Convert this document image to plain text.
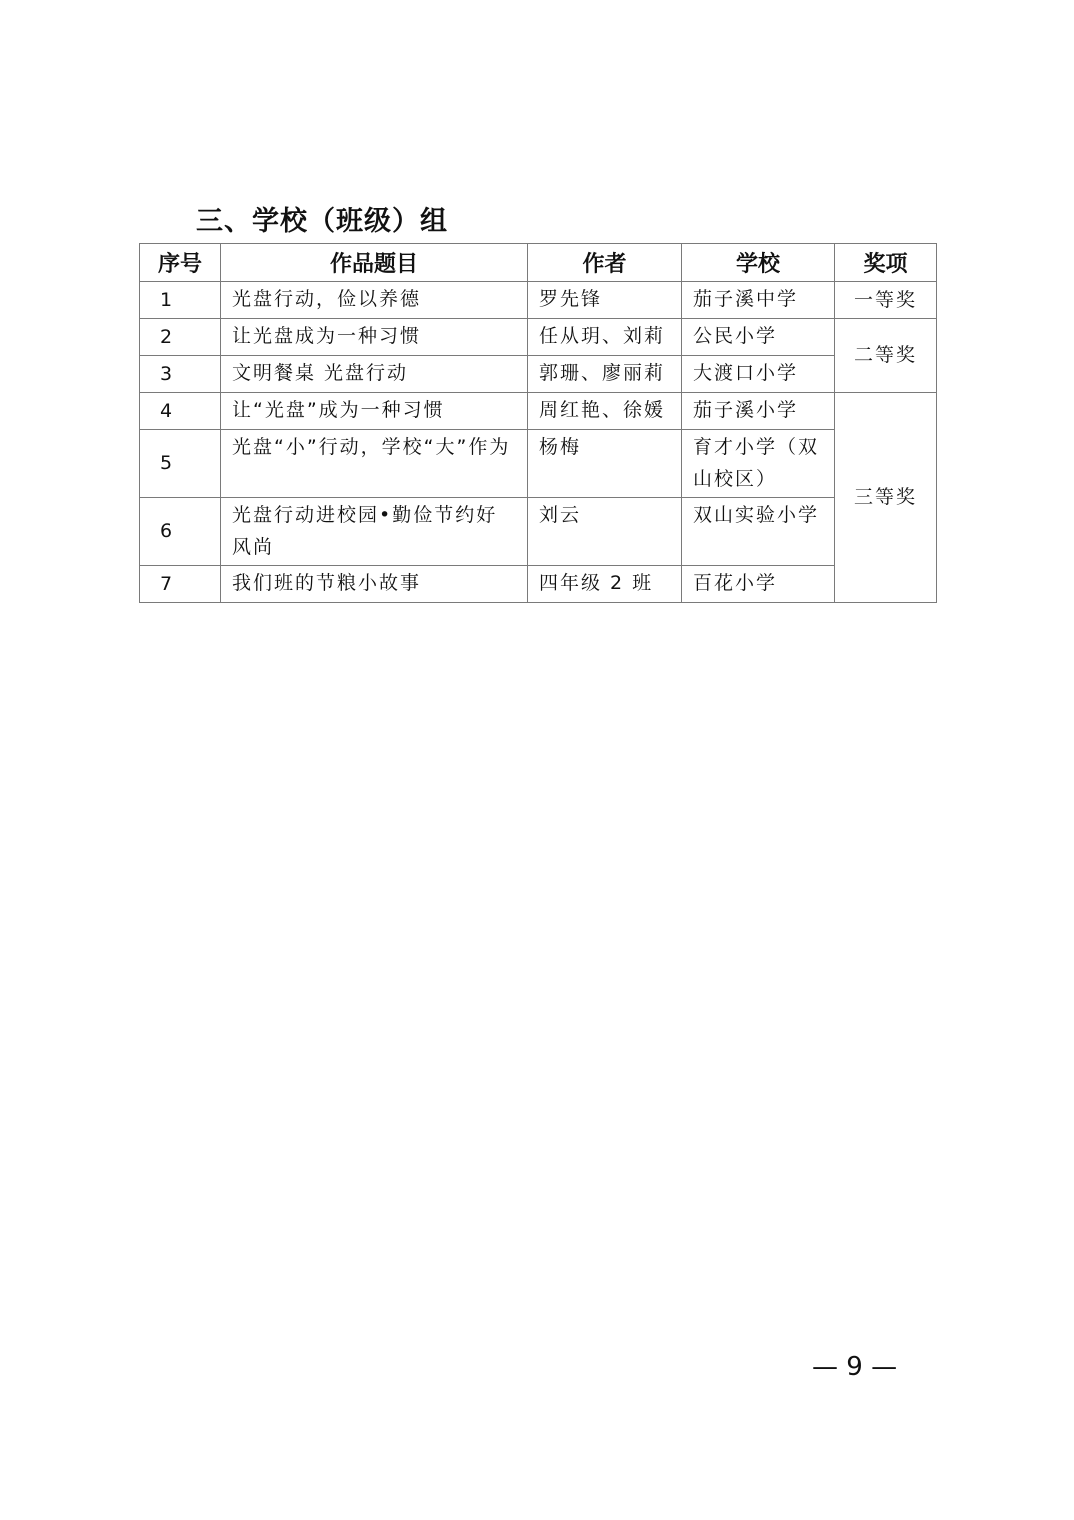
三、学校（班级）组
序号	作品题目	作者	学校	奖项
1	光盘行动，俭以养德	罗先锋	茄子溪中学	一等奖
2	让光盘成为一种习惯	任从玥、刘莉	公民小学	二等奖
3	文明餐桌 光盘行动	郭珊、廖丽莉	大渡口小学	
4	让“光盘”成为一种习惯	周红艳、徐媛	茄子溪小学	三等奖
5	光盘“小”行动，学校“大”作为	杨梅	育才小学（双山校区）	
6	光盘行动进校园•勤俭节约好风尚	刘云	双山实验小学	
7	我们班的节粮小故事	四年级 2 班	百花小学	
— 9 —
